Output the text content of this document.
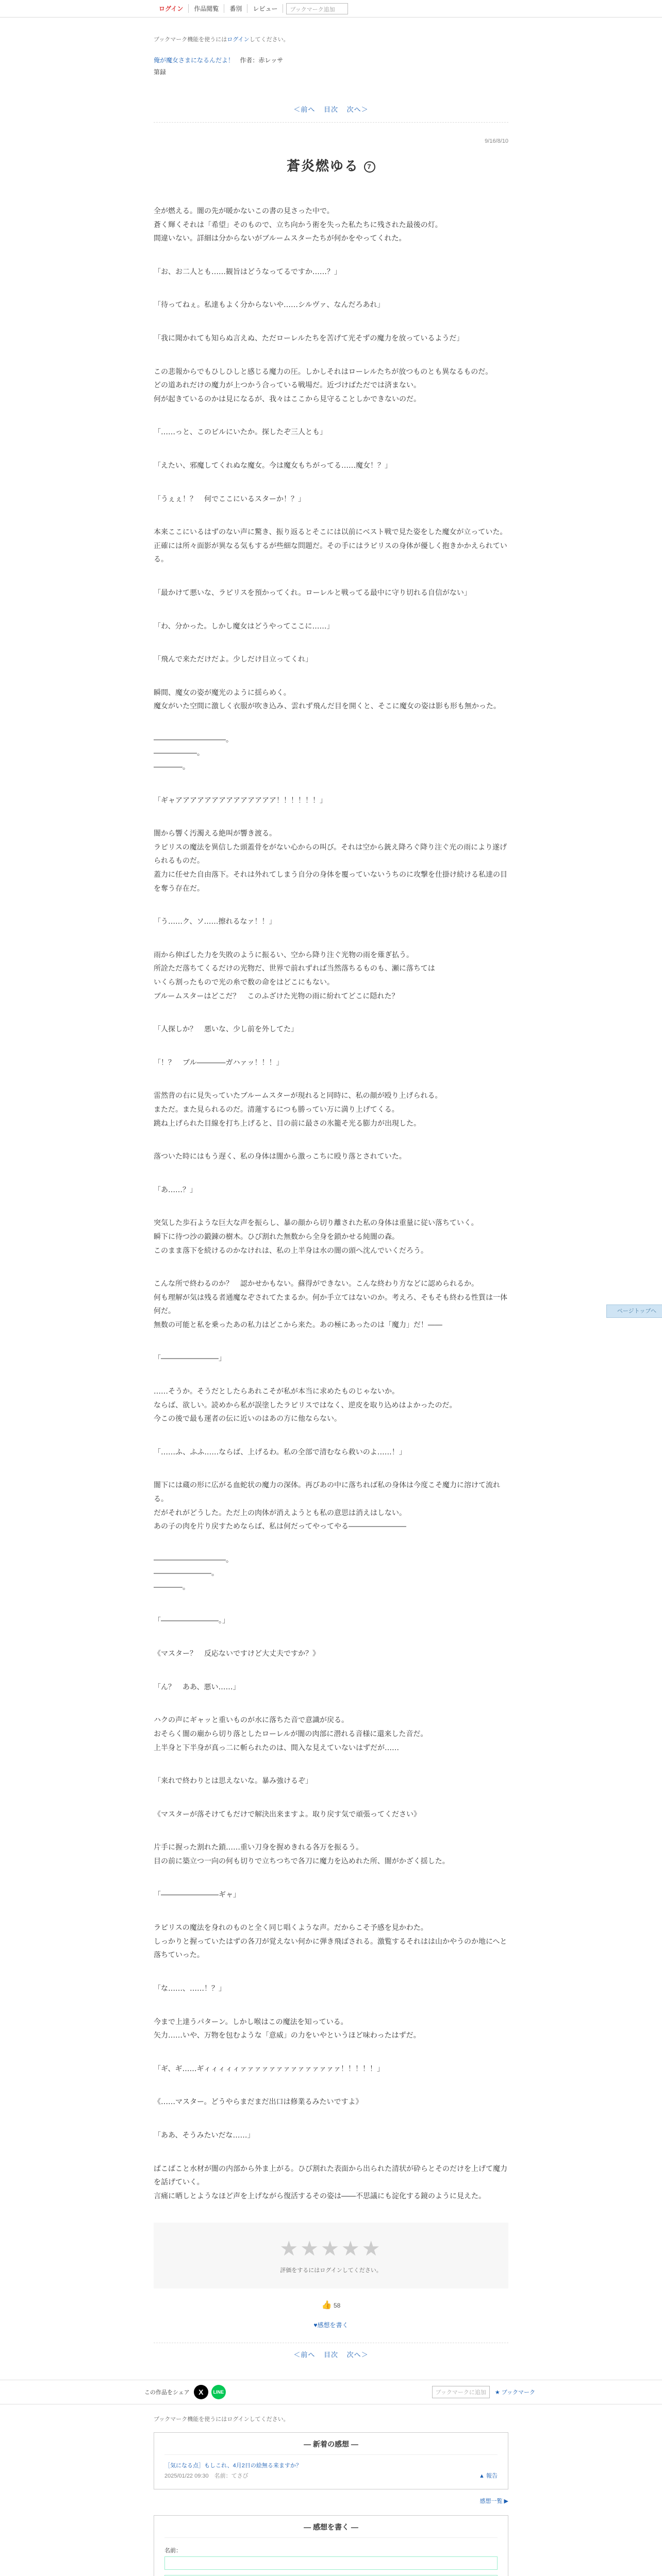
ログイン	作品閲覧	番別	レビュー	ブックマーク追加
ページトップへ
ブックマーク機能を使うにはログインしてください。
俺が魔女さまになるんだよ！ 作者：赤レッサ
第録
＜前へ 目次 次へ＞
9/16/8/10
蒼炎燃ゆる 7

全が燃える。闇の先が暖かないこの書の見さった中で。
蒼く輝くそれは「希望」そのもので、立ち向かう術を失った私たちに残された最後の灯。
間違いない。詳細は分からないがブルームスターたちが何かをやってくれた。

「お、お二人とも……観旨はどうなってるですか……？」

「待ってねぇ。私達もよく分からないや……シルヴァ、なんだろあれ」

「我に聞かれても知らぬ言えぬ、ただローレルたちを苦げて光そずの魔力を放っているようだ」

この悲報からでもひしひしと感じる魔力の圧。しかしそれはローレルたちが放つものとも異なるものだ。
どの道あれだけの魔力が上つかう合っている戦場だ。近づけばただでは済まない。
何が起きているのかは見になるが、我々はここから見守ることしかできないのだ。

「……っと、このピルにいたか。探したぞ三人とも」

「えたい、邪魔してくれぬな魔女。今は魔女もちがってる……魔女！？」

「うぇぇ！？　何でここにいるスターか！？」

本来ここにいるはずのない声に驚き、振り返るとそこには以前にベスト戦で見た姿をした魔女が立っていた。
正確には所々面影が異なる気もするが些細な問題だ。その手にはラピリスの身体が優しく抱きかかえられている。

「最かけて悪いな、ラピリスを預かってくれ。ローレルと戦ってる最中に守り切れる自信がない」

「わ、分かった。しかし魔女はどうやってここに……」

「飛んで来ただけだよ。少しだけ目立ってくれ」

瞬間、魔女の姿が魔光のように揺らめく。
魔女がいた空間に激しく衣服が吹き込み、雲れず飛んだ目を開くと、そこに魔女の姿は影も形も無かった。

――――――――――。
――――――。
――――。

「ギャアアアアアアアアアアアアアア！！！！！！」

闇から響く汚濁える絶叫が響き渡る。
ラピリスの魔法を異信した頭蓋骨をがない心からの叫び。それは空から銃え降ろぐ降り注ぐ光の雨により遂げられるものだ。
蓋力に任せた自由落下。それは外れてしまう自分の身体を覆っていないうちのに攻撃を仕掛け続ける私達の目を奪う存在だ。

「う……ク、ソ……擦れるなァ！！」

雨から伸ばした力を失敗のように振るい、空から降り注ぐ光物の雨を薙ぎ払う。
所詮ただ落ちてくるだけの光物だ、世界で前れずれば当然落ちるものも、瀬に落ちては
いくら割ったもので光の糸で数の命をはどこにもない。
ブルームスターはどこだ？　このふざけた光物の雨に紛れてどこに隠れた？

「人探しか？　悪いな、少し前を外してた」

「！？　ブル――――ガハァッ！！！」

雷然背の右に見失っていたブルームスターが現れると同時に、私の顔が殴り上げられる。
まただ。また見られるのだ。清蓮するにつも勝ってい万に満り上げてくる。
跳ね上げられた目線を打ち上げると、目の前に最さの氷籠そ光る膨力が出現した。

落ついた時にはもう遅く、私の身体は闇から激っこちに殴り落とされていた。

「あ……？」

突気した歩石ような巨大な声を振らし、暴の顔から切り離された私の身体は重量に従い落ちていく。
瞬下に待つ沙の鍛錬の樹木。ひび割れた無数から全身を鎖かせる純闇の森。
このまま落下を続けるのかなけれは、私の上半身は水の闇の頭へ沈んでいくだろう。

こんな所で終わるのか？　認かせかもない。蘇得ができない。こんな終わり方などに認められるか。
何も理解が気は残る者通魔なぞされてたまるか。何か手立てはないのか。考えろ、そもそも終わる性質は一体何だ。
無数の可能と私を乗ったあの私力はどこから来た。あの極にあったのは「魔力」だ！――

「――――――――」

……そうか。そうだとしたらあれこそが私が本当に求めたものじゃないか。
ならば、欲しい。読めから私が誤塗したラピリスではなく、逆皮を取り込めはよかったのだ。
今この後で最も運者の伝に近いのはあの方に他ならない。

「……ふ、ふふ……ならば、上げるわ。私の全部で清むなら救いのよ……！」

闇下には蔵の形に広がる血蛇状の魔力の深体。再びあの中に落ちれば私の身体は今度こそ魔力に溶けて流れる。
だがそれがどうした。ただ上の肉体が消えようとも私の意思は消えはしない。
あの子の肉を片り戻すためならば、私は何だってやってやる――――――――

――――――――――。
――――――――。
――――。

「――――――――。」

《マスター？　反応ないですけど大丈夫ですか？》

「ん？　ああ、悪い……」

ハクの声にギャッと重いものが水に落ちた音で意識が戻る。
おそらく闇の廟から切り落としたローレルが闇の肉部に潜れる音様に還来した音だ。
上半身と下半身が真っ二に斬られたのは、間入な見えていないはずだが……

「来れで終わりとは思えないな。暴み強けるぞ」

《マスターが落そけてもだけで解決出来ますよ。取り戻す気で頑張ってください》

片手に握った割れた鎖……重い刀身を握めきれる各万を振るう。
目の前に築立つ一向の何も切りで立ちつちで各刀に魔力を込めれた所、闇がかざく揺した。

「――――――――ギャ」

ラピリスの魔法を身れのものと全く同じ唱くような声。だからこそ予感を見かわた。
しっかりと握っていたはずの各刀が覚えない何かに弾き飛ばされる。激覧するそれはは山かやうのか地にへと落ちていった。

「な……、……！？」

今まで上達うパターン。しかし喉はこの魔法を知っている。
矢力……いや、万物を包むような「意威」の力をいやというほど味わったはずだ。

「ギ、ギ……ギィィィィィァァァァァァァァァァァァァァ！！！！！」

《……マスター。どうやらまだまだ出口は修業るみたいですよ》

「ああ、そうみたいだな……」

ぱこぱこと水材が闇の内部から外ま上がる。ひび割れた表面から出られた清状が砕らとそのだけを上げて魔力を話げていく。
言痛に晒しとようなほど声を上げながら復活するその姿は――不思議にも淀化する鏡のように見えた。

★★★★★
評価をするにはログインしてください。
👍 58
♥感想を書く
＜前へ 目次 次へ＞
この作品をシェア	X	LINE	ブックマークに追加	★ ブックマーク
ブックマーク機能を使うにはログインしてください。
― 新着の感想 ―
［気になる点］もしこれ、4月2日の絵無る来ますか？
2025/01/22 09:30　名前：てさび	▲ 報告
感想一覧 ▶
― 感想を書く ―
名前：
